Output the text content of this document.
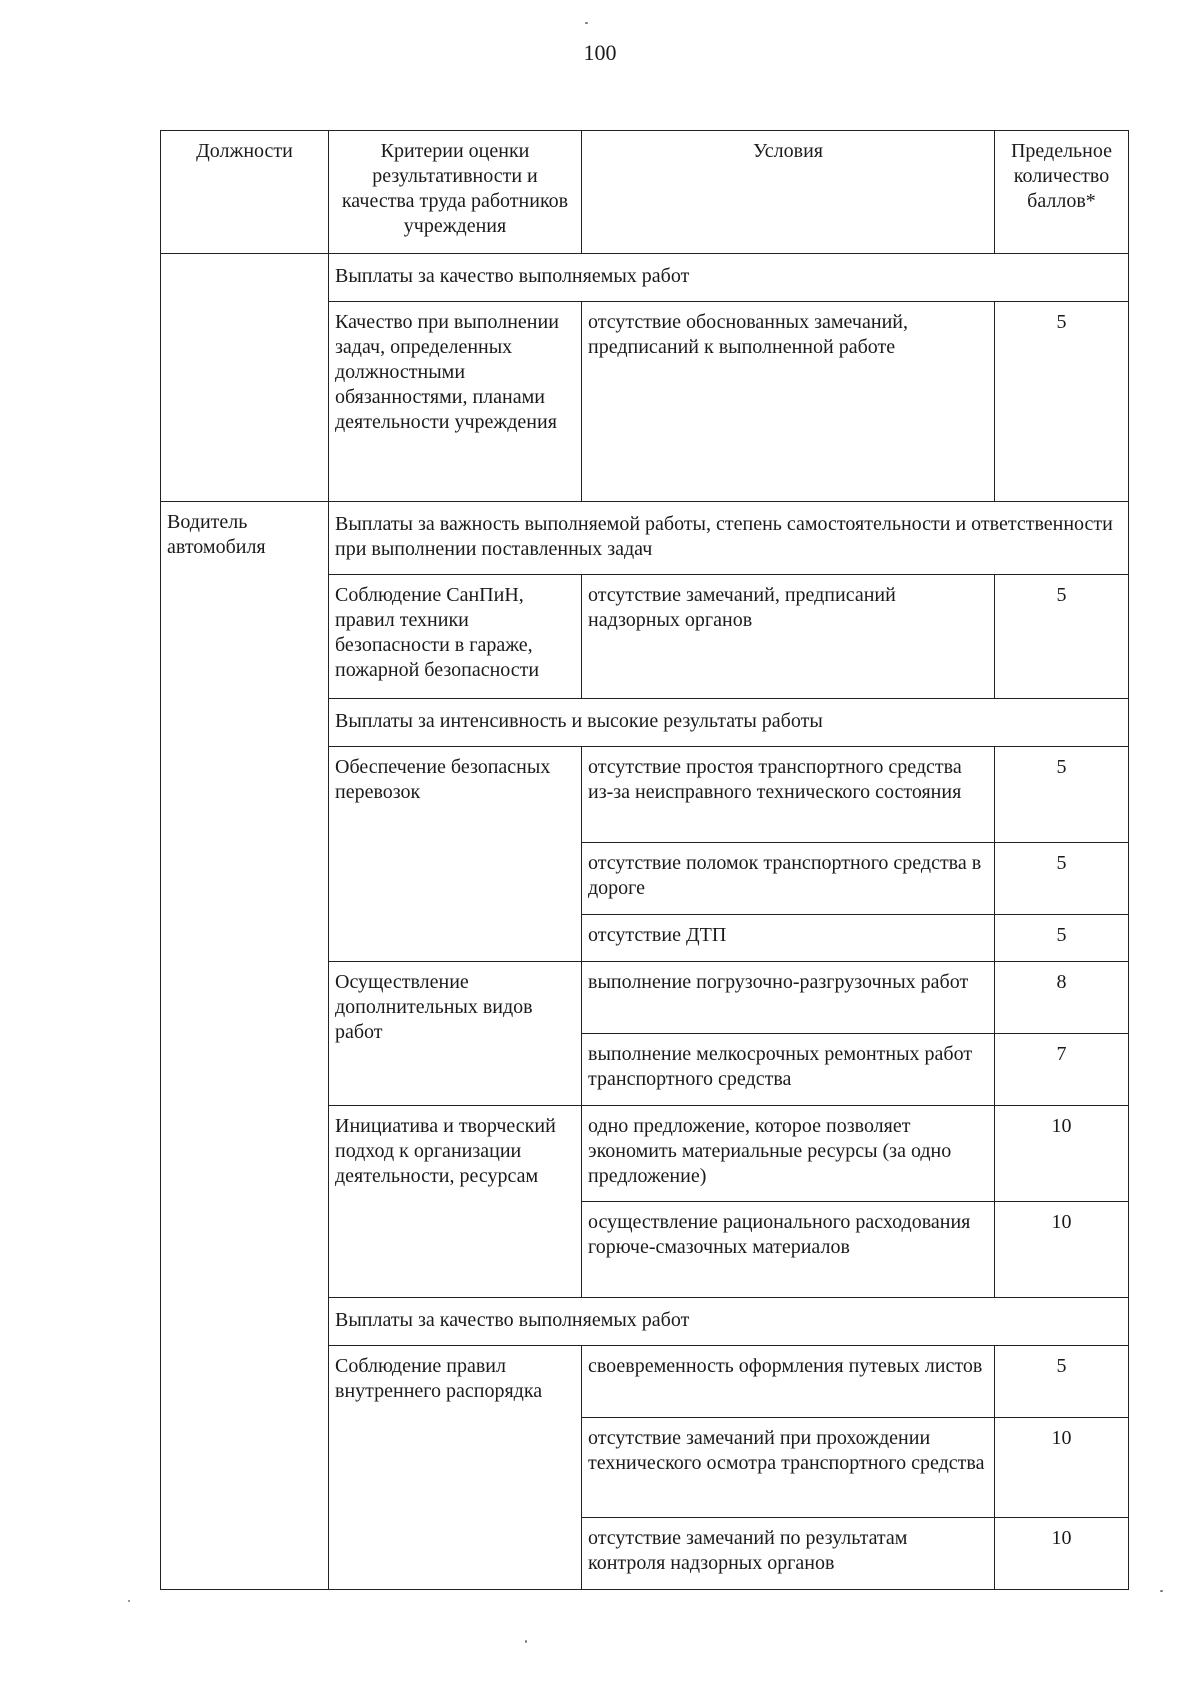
100
Должности	Критерии оценки результативности и качества труда работников учреждения	Условия	Предельное количество баллов*
	Выплаты за качество выполняемых работ		
	Качество при выполнении задач, определенных должностными обязанностями, планами деятельности учреждения	отсутствие обоснованных замечаний, предписаний к выполненной работе	5
Водитель автомобиля	Выплаты за важность выполняемой работы, степень самостоятельности и ответственности при выполнении поставленных задач		
	Соблюдение СанПиН, правил техники безопасности в гараже, пожарной безопасности	отсутствие замечаний, предписаний надзорных органов	5
	Выплаты за интенсивность и высокие результаты работы		
	Обеспечение безопасных перевозок	отсутствие простоя транспортного средства из-за неисправного технического состояния	5
		отсутствие поломок транспортного средства в дороге	5
		отсутствие ДТП	5
	Осуществление дополнительных видов работ	выполнение погрузочно-разгрузочных работ	8
		выполнение мелкосрочных ремонтных работ транспортного средства	7
	Инициатива и творческий подход к организации деятельности, ресурсам	одно предложение, которое позволяет экономить материальные ресурсы (за одно предложение)	10
		осуществление рационального расходования горюче-смазочных материалов	10
	Выплаты за качество выполняемых работ		
	Соблюдение правил внутреннего распорядка	своевременность оформления путевых листов	5
		отсутствие замечаний при прохождении технического осмотра транспортного средства	10
		отсутствие замечаний по результатам контроля надзорных органов	10
